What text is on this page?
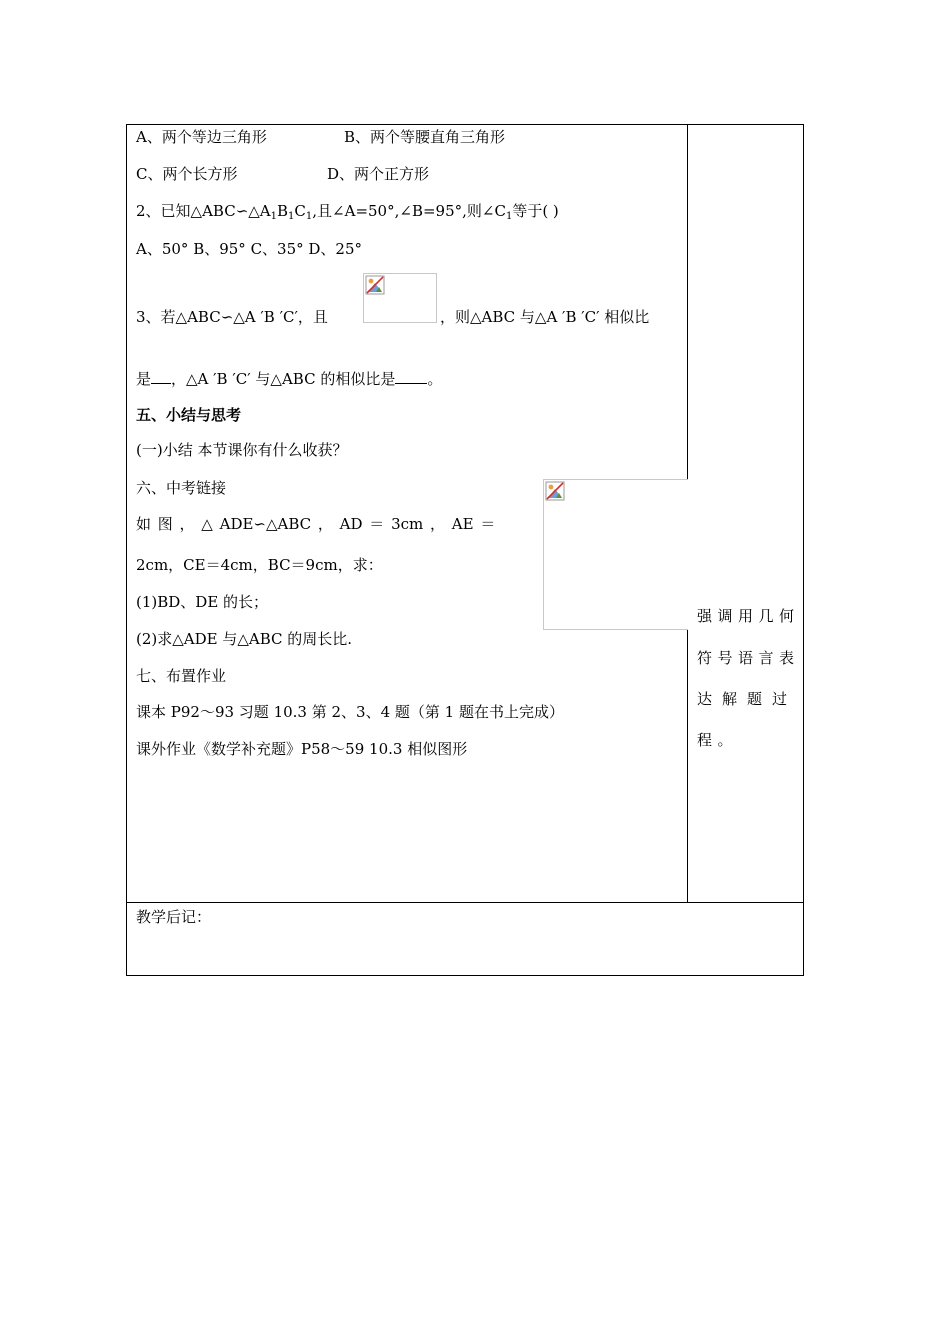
A、两个等边三角形	B、两个等腰直角三角形
C、两个长方形	D、两个正方形
2、已知$\triangle ABC∽\triangle A_1B_1C_1$,且∠A=50°,∠B=95°,则$\angle C_1$等于( )
A、50° B、95° C、35° D、25°
3、若△ABC∽△A ′B ′C′，且	，则△ABC 与△A ′B ′C′ 相似比
是 ，△A ′B ′C′ 与△ABC 的相似比是 。
五、小结与思考
(一)小结 本节课你有什么收获？
六、中考链接
如 图 ， △ ADE∽△ABC ， AD ＝ 3cm ， AE ＝
2cm，CE＝4cm，BC＝9cm，求：
(1)BD、DE 的长；
(2)求△ADE 与△ABC 的周长比.
七、布置作业
课本 P92～93 习题 10.3 第 2、3、4 题（第 1 题在书上完成）
课外作业《数学补充题》P58～59 10.3 相似图形
强调用几何
符号语言表
达解题过
程。
教学后记：
